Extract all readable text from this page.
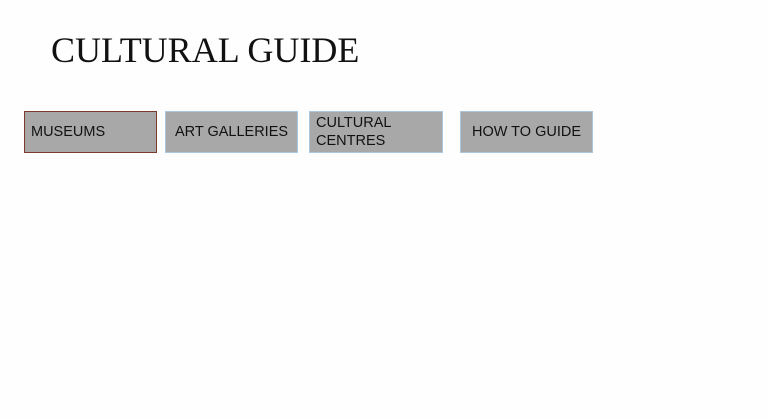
CULTURAL GUIDE
MUSEUMS	ART GALLERIES
CULTURAL CENTRES
HOW TO GUIDE
